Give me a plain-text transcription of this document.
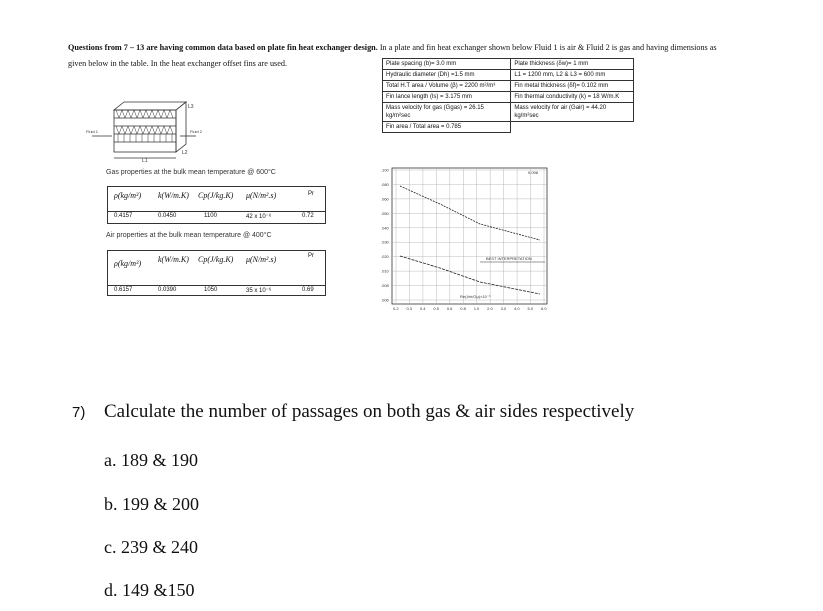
Questions from 7 – 13 are having common data based on plate fin heat exchanger design. In a plate and fin heat exchanger shown below Fluid 1 is air & Fluid 2 is gas and having dimensions as given below in the table. In the heat exchanger offset fins are used.
Fluid 1	Fluid 2
L1
L2
L3
Plate spacing (b)= 3.0 mm	Plate thickness (δw)= 1 mm
Hydraulic diameter (Dh) =1.5 mm	L1 = 1200 mm, L2 & L3 = 600 mm
Total H.T area / Volume (β) = 2200 m²/m³	Fin metal thickness (δf)= 0.102 mm
Fin lance length (ls) = 3.175 mm	Fin thermal conductivity (k) = 18 W/m.K
Mass velocity for gas (Ggas) = 26.15 kg/m²sec	Mass velocity for air (Gair) = 44.20 kg/m²sec
Fin area / Total area = 0.785	
Gas properties at the bulk mean temperature @ 600°C
ρ(kg/m³) k(W/m.K) Cp(J/kg.K) μ(N/m².s)	Pr
0.4157	0.0450	1100	42 x 10⁻⁶	0.72
Air properties at the bulk mean temperature @ 400°C
ρ(kg/m³) k(W/m.K) Cp(J/kg.K) μ(N/m².s)	Pr
0.6157	0.0390	1050	35 x 10⁻⁶	0.69
.100
.080
.060
.050
.040
.030
.020
.010
.008
.006
0.2 0.3 0.4 0.5 0.6 0.8 1.0 2.0 3.0 4.0 5.0 6.0
BEST INTERPRETATION
Re(4rh/Gμ)×10⁻³
0.098
7) Calculate the number of passages on both gas & air sides respectively
a. 189 & 190
b. 199 & 200
c. 239 & 240
d. 149 &150
